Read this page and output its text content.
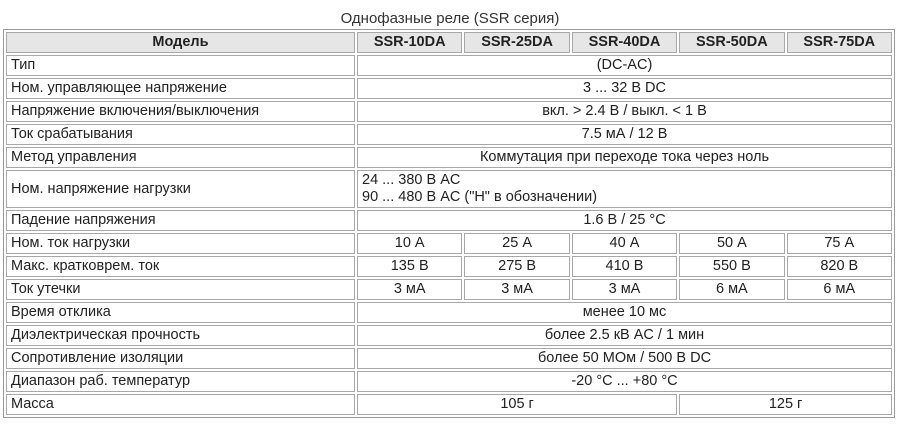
Однофазные реле (SSR серия)
Модель	SSR-10DA	SSR-25DA	SSR-40DA	SSR-50DA	SSR-75DA
Тип	(DC-AC)				
Ном. управляющее напряжение	3 ... 32 В DC				
Напряжение включения/выключения	вкл. > 2.4 В / выкл. < 1 В				
Ток срабатывания	7.5 мА / 12 В				
Метод управления	Коммутация при переходе тока через ноль				
Ном. напряжение нагрузки	24 ... 380 В AC
90 ... 480 В AC ("H" в обозначении)				

Падение напряжения	1.6 В / 25 °C				
Ном. ток нагрузки	10 А	25 А	40 А	50 А	75 А
Макс. кратковрем. ток	135 В	275 В	410 В	550 В	820 В
Ток утечки	3 мА	3 мА	3 мА	6 мА	6 мА
Время отклика	менее 10 мс				
Диэлектрическая прочность	более 2.5 кВ AC / 1 мин				
Сопротивление изоляции	более 50 МОм / 500 В DC				
Диапазон раб. температур	-20 °C ... +80 °C				
Масса	105 г			125 г	
